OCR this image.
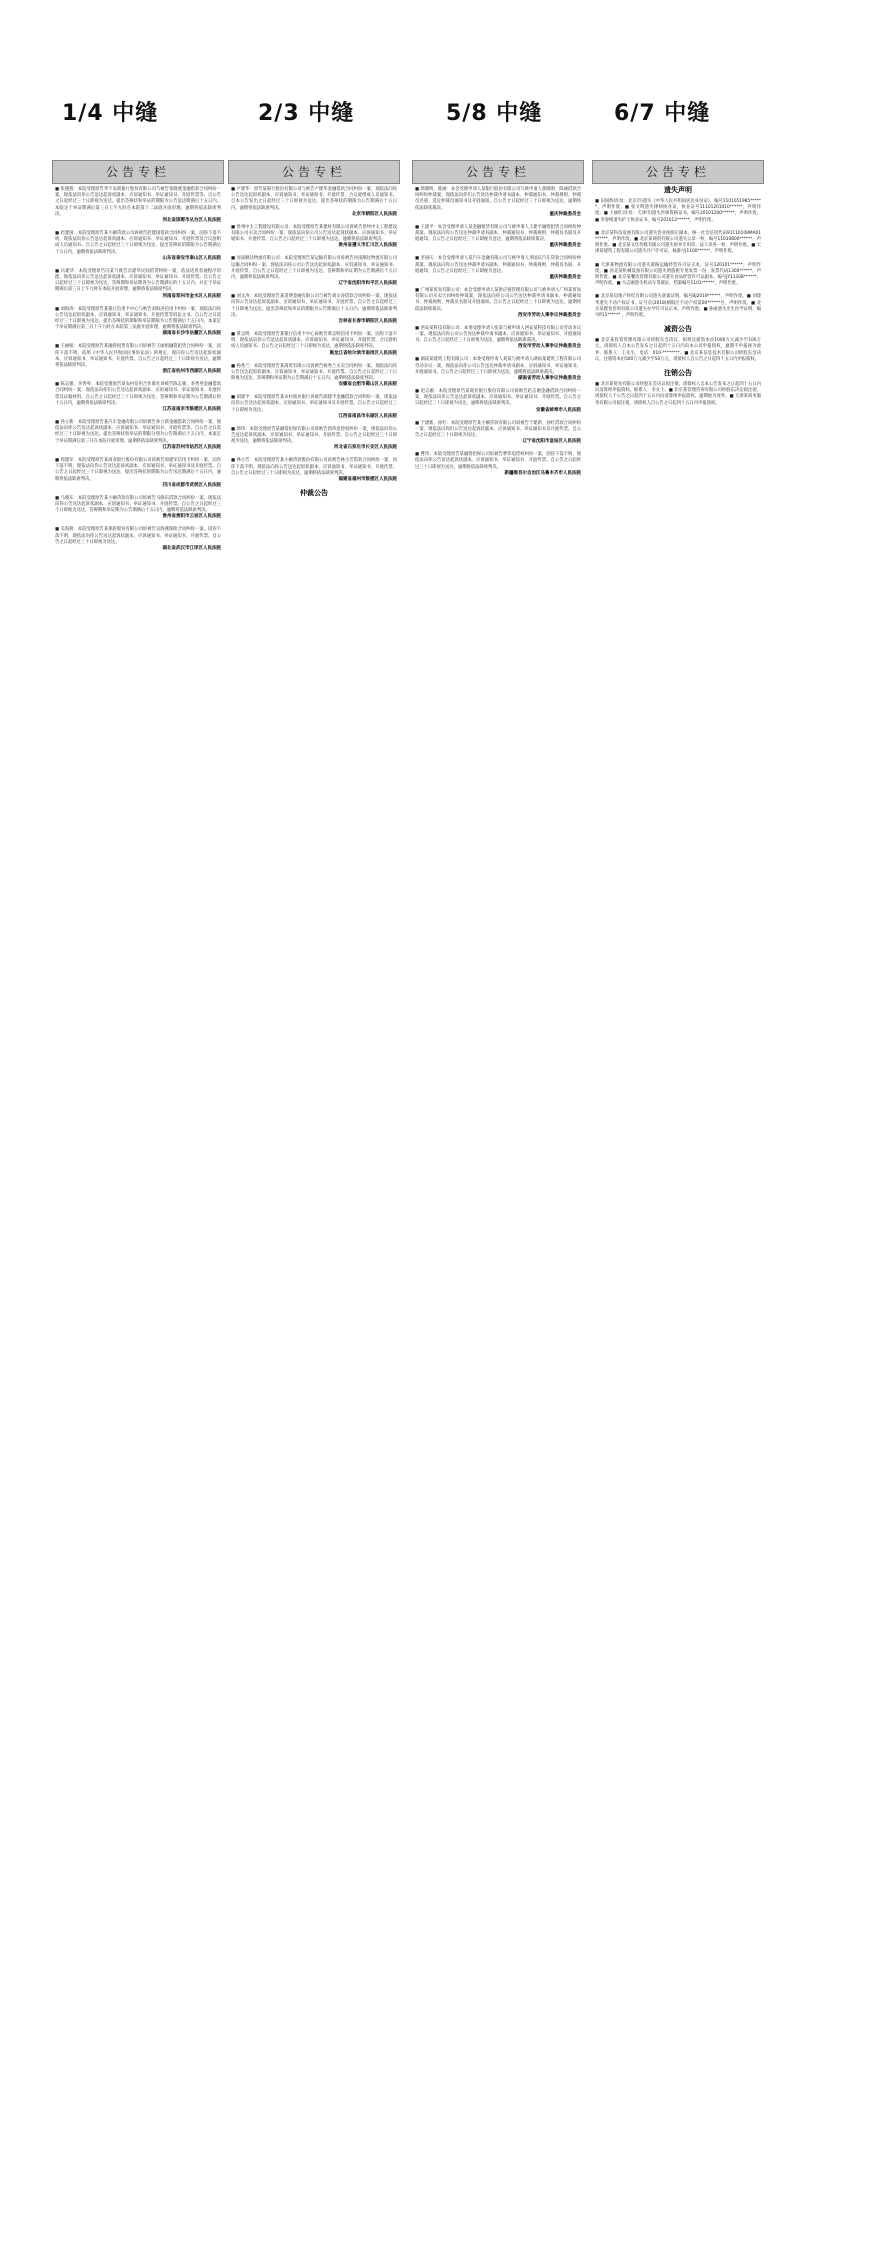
1/4 中缝	2/3 中缝	5/8 中缝	6/7 中缝
公告专栏

■ 张晓燕：本院受理原告华宇农商银行股份有限公司与被告张晓燕金融借款合同纠纷一案，现依法向你公告送达起诉状副本、应诉通知书、举证通知书、开庭传票等。自公告之日起经过三十日即视为送达。提出答辩状和举证的期限为公告送达期满后十五日内。本院定于举证期满后第三日上午九时在本院第十二法庭开庭审理，逾期将依法缺席判决。

河北省邯郸市丛台区人民法院

■ 赵建国：本院受理原告某小额贷款公司诉被告赵建国借款合同纠纷一案，因你下落不明，现依法向你公告送达起诉状副本、应诉通知书、举证通知书、开庭传票及合议庭组成人员通知书。自公告之日起经过三十日即视为送达，提出答辩状的期限为公告期满后十五日内，逾期将依法缺席判决。

山东省泰安市泰山区人民法院

■ 冯建华：本院受理原告冯某与被告冯建华民间借贷纠纷一案，依法适用普通程序审理，现依法向你公告送达起诉状副本、应诉通知书、举证通知书、开庭传票。自公告之日起经过三十日即视为送达，答辩期和举证期各为公告期满后的十五日内，并定于举证期满后第三日上午九时在本院开庭审理，逾期将依法缺席判决。

河南省郑州市金水区人民法院

■ 刘海涛：本院受理原告某银行信用卡中心与被告刘海涛信用卡纠纷一案，现依法向你公告送达起诉状副本、应诉通知书、举证通知书、开庭传票等诉讼文书。自公告之日起经过三十日即视为送达。提出答辩状的期限和举证期限为公告期满后十五日内。本案定于举证期满后第三日上午九时在本院第三法庭开庭审理，逾期将依法缺席判决。

湖南省长沙市岳麓区人民法院

■ 王丽娟：本院受理原告某融资租赁有限公司诉被告王丽娟融资租赁合同纠纷一案，因你下落不明，依照《中华人民共和国民事诉讼法》的规定，现向你公告送达起诉状副本、应诉通知书、举证通知书、开庭传票。自公告之日起经过三十日即视为送达，逾期将依法缺席判决。

浙江省杭州市西湖区人民法院

■ 陈志强、李秀英：本院受理原告某农村信用合作联社诉被告陈志强、李秀英金融借款合同纠纷一案，现依法向你们公告送达起诉状副本、应诉通知书、举证通知书、开庭传票及证据材料。自公告之日起经过三十日即视为送达，答辩期和举证期为公告期满后的十五日内，逾期将依法缺席判决。

江苏省南京市鼓楼区人民法院

■ 孙立新：本院受理原告某汽车金融有限公司诉被告孙立新金融借款合同纠纷一案，现依法向你公告送达起诉状副本、应诉通知书、举证通知书、开庭传票等。自公告之日起经过三十日即视为送达，提出答辩状和举证的期限分别为公告期满后十五日内，本案定于举证期满后第三日在本院开庭审理，逾期将依法缺席判决。

江苏省苏州市姑苏区人民法院

■ 周建军：本院受理原告某商业银行股份有限公司诉被告周建军信用卡纠纷一案，因你下落不明，现依法向你公告送达起诉状副本、应诉通知书、举证通知书及开庭传票。自公告之日起经过三十日即视为送达，提出答辩状的期限为公告送达期满后十五日内，逾期将依法缺席判决。

四川省成都市武侯区人民法院

■ 马晓东：本院受理原告某小额贷款有限公司诉被告马晓东借款合同纠纷一案，现依法向你公告送达起诉状副本、应诉通知书、举证通知书、开庭传票。自公告之日起经过三十日即视为送达，答辩期和举证期为公告期满后十五日内，逾期将依法缺席判决。

贵州省贵阳市云岩区人民法院

■ 吴海燕：本院受理原告某保险股份有限公司诉被告吴海燕保险合同纠纷一案，因你下落不明，现依法向你公告送达起诉状副本、应诉通知书、举证通知书、开庭传票。自公告之日起经过三十日即视为送达。

湖北省武汉市江岸区人民法院
公告专栏

■ 卢建华：原告某银行股份有限公司与被告卢建华金融借款合同纠纷一案，现依法向你公告送达起诉状副本、应诉通知书、举证通知书、开庭传票、合议庭组成人员通知书。自本公告发出之日起经过三十日即视为送达，提出答辩状的期限为公告期满后十五日内，逾期将依法缺席判决。

北京市朝阳区人民法院

■ 贵州中太工程建设有限公司：本院受理原告某建材有限公司诉被告贵州中太工程建设有限公司买卖合同纠纷一案，现依法向你公司公告送达起诉状副本、应诉通知书、举证通知书、开庭传票。自公告之日起经过三十日即视为送达，逾期将依法缺席判决。

贵州省遵义市汇川区人民法院

■ 河南顺达物流有限公司：本院受理原告某运输有限公司诉被告河南顺达物流有限公司运输合同纠纷一案，现依法向你公司公告送达起诉状副本、应诉通知书、举证通知书、开庭传票，自公告之日起经过三十日即视为送达，答辩期和举证期为公告期满后十五日内，逾期将依法缺席判决。

辽宁省沈阳市和平区人民法院

■ 刘文涛：本院受理原告某消费金融有限公司与被告刘文涛借款合同纠纷一案，现依法向你公告送达起诉状副本、应诉通知书、举证通知书、开庭传票。自公告之日起经过三十日即视为送达。提出答辩状和举证的期限为公告期满后十五日内，逾期将依法缺席判决。

吉林省长春市朝阳区人民法院

■ 黄志明：本院受理原告某银行信用卡中心诉被告黄志明信用卡纠纷一案，因你下落不明，现依法向你公告送达起诉状副本、应诉通知书、举证通知书、开庭传票、合议庭组成人员通知书。自公告之日起经过三十日即视为送达，逾期将依法缺席判决。

黑龙江省哈尔滨市南岗区人民法院

■ 杨秀兰：本院受理原告某商贸有限公司诉被告杨秀兰买卖合同纠纷一案，现依法向你公告送达起诉状副本、应诉通知书、举证通知书、开庭传票。自公告之日起经过三十日即视为送达，答辩期和举证期为公告期满后十五日内，逾期将依法缺席判决。

安徽省合肥市蜀山区人民法院

■ 胡建平：本院受理原告某农村商业银行诉被告胡建平金融借款合同纠纷一案，现依法向你公告送达起诉状副本、应诉通知书、举证通知书及开庭传票。自公告之日起经过三十日即视为送达。

江西省南昌市东湖区人民法院

■ 郭伟：本院受理原告某融资担保有限公司诉被告郭伟追偿权纠纷一案，现依法向你公告送达起诉状副本、应诉通知书、举证通知书、开庭传票。自公告之日起经过三十日即视为送达，逾期将依法缺席判决。

河北省石家庄市长安区人民法院

■ 林小芳：本院受理原告某小额贷款股份有限公司诉被告林小芳借款合同纠纷一案，因你下落不明，现依法向你公告送达起诉状副本、应诉通知书、举证通知书、开庭传票。自公告之日起经过三十日即视为送达，逾期将依法缺席判决。

福建省福州市鼓楼区人民法院
仲裁公告
公告专栏

■ 郭晓明、陈丽：本会受理申请人某银行股份有限公司与被申请人郭晓明、陈丽借款合同纠纷仲裁案，现依法向你们公告送达仲裁申请书副本、仲裁通知书、仲裁规则、仲裁员名册、选定仲裁员通知书及开庭通知。自公告之日起经过三十日即视为送达，逾期将依法缺席裁决。

重庆仲裁委员会

■ 王建平：本会受理申请人某金融租赁有限公司与被申请人王建平融资租赁合同纠纷仲裁案，现依法向你公告送达仲裁申请书副本、仲裁通知书、仲裁规则、仲裁员名册及开庭通知。自公告之日起经过三十日即视为送达，逾期将依法缺席裁决。

重庆仲裁委员会

■ 李国庆：本会受理申请人某汽车金融有限公司与被申请人李国庆汽车贷款合同纠纷仲裁案，现依法向你公告送达仲裁申请书副本、仲裁通知书、仲裁规则、仲裁员名册、开庭通知，自公告之日起经过三十日即视为送达。

重庆仲裁委员会

■ 广州某贸易有限公司：本会受理申请人某供应链管理有限公司与被申请人广州某贸易有限公司买卖合同纠纷仲裁案，现依法向你公司公告送达仲裁申请书副本、仲裁通知书、仲裁规则、仲裁员名册及开庭通知。自公告之日起经过三十日即视为送达，逾期将依法缺席裁决。

西安市劳动人事争议仲裁委员会

■ 西安某科技有限公司：本委受理申请人张某与被申请人西安某科技有限公司劳动争议一案，现依法向你公司公告送达仲裁申请书副本、应诉通知书、举证通知书、开庭通知书。自公告之日起经过三十日即视为送达，逾期将依法缺席裁决。

西安市劳动人事争议仲裁委员会

■ 湖南某建筑工程有限公司：本委受理申请人刘某与被申请人湖南某建筑工程有限公司劳动争议一案，现依法向你公司公告送达仲裁申请书副本、应诉通知书、举证通知书、开庭通知书。自公告之日起经过三十日即视为送达，逾期将依法缺席裁决。

湖南省劳动人事争议仲裁委员会

■ 赵志刚：本院受理原告某商业银行股份有限公司诉被告赵志刚金融借款合同纠纷一案，现依法向你公告送达起诉状副本、应诉通知书、举证通知书、开庭传票。自公告之日起经过三十日即视为送达，逾期将依法缺席判决。

安徽省蚌埠市人民法院

■ 于建新、孙红：本院受理原告某小额贷款有限公司诉被告于建新、孙红借款合同纠纷一案，现依法向你们公告送达起诉状副本、应诉通知书、举证通知书及开庭传票。自公告之日起经过三十日即视为送达。

辽宁省沈阳市皇姑区人民法院

■ 曹伟：本院受理原告某融资担保公司诉被告曹伟追偿权纠纷一案，因你下落不明，现依法向你公告送达起诉状副本、应诉通知书、举证通知书、开庭传票。自公告之日起经过三十日即视为送达，逾期将依法缺席判决。

新疆维吾尔自治区乌鲁木齐市人民法院
公告专栏
遗失声明

■ 田国辉(住址：北京市)遗失《中华人民共和国居民身份证》，编号1101051985******，声明作废。■ 张文明遗失律师执业证，执业证号11101201010******，声明作废。■ 王丽红(住址：天津市)遗失医师资格证书，编号20101200******，声明作废。■ 李春梅遗失护士执业证书，编号201012******，声明作废。

■ 北京某科技发展有限公司遗失营业执照正副本，统一社会信用代码91110108MA01******，声明作废。■ 北京某商贸有限公司遗失公章一枚，编号11010800******，声明作废。■ 北京某文化传媒有限公司遗失财务专用章、法人章各一枚，声明作废。■ 天津某建筑工程有限公司遗失开户许可证，核准号J1100******，声明作废。

■ 天津某物流有限公司遗失道路运输经营许可证正本，证号120101******，声明作废。■ 河北某机械设备有限公司遗失增值税专用发票一份，发票代码1300******，声明作废。■ 北京某餐饮管理有限公司遗失食品经营许可证副本，编号JY11108******，声明作废。■ 马志刚遗失机动车驾驶证，档案编号1101******，声明作废。

■ 北京某房地产经纪有限公司遗失备案证明，编号BJ2019******，声明作废。■ 刘建华遗失不动产权证书，证号京(2018)朝阳区不动产权第00******号，声明作废。■ 北京某教育咨询有限公司遗失办学许可证正本，声明作废。■ 孙丽遗失出生医学证明，编号P11****** ，声明作废。

减资公告

■ 北京某投资管理有限公司经股东会决议，拟将注册资本由1000万元减少至100万元，请债权人自本公告发布之日起四十五日内向本公司申报债权，逾期不申报视为放弃。联系人：王先生，电话：010-********。■ 北京某信息技术有限公司经股东会决议，注册资本由500万元减少至50万元，请债权人自公告之日起四十五日内申报债权。

注销公告

■ 北京某贸易有限公司经股东会决议拟注销，请债权人自本公告发布之日起四十五日内向清算组申报债权。联系人：李女士。■ 北京某管理咨询有限公司经股东决定拟注销，请债权人于公告之日起四十五日内向清算组申报债权，逾期视为放弃。■ 天津某商务服务有限公司拟注销，请债权人自公告之日起四十五日内申报债权。
